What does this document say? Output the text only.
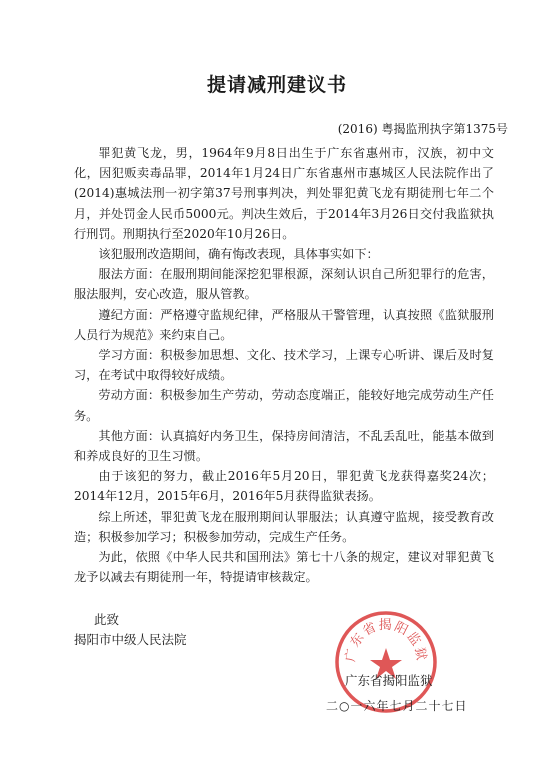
提请减刑建议书
(2016) 粤揭监刑执字第1375号

罪犯黄飞龙，男，1964年9月8日出生于广东省惠州市，汉族，初中文化，因犯贩卖毒品罪，2014年1月24日广东省惠州市惠城区人民法院作出了(2014)惠城法刑一初字第37号刑事判决，判处罪犯黄飞龙有期徒刑七年二个月，并处罚金人民币5000元。判决生效后，于2014年3月26日交付我监狱执行刑罚。刑期执行至2020年10月26日。

该犯服刑改造期间，确有悔改表现，具体事实如下：

服法方面：在服刑期间能深挖犯罪根源，深刻认识自己所犯罪行的危害，服法服判，安心改造，服从管教。

遵纪方面：严格遵守监规纪律，严格服从干警管理，认真按照《监狱服刑人员行为规范》来约束自己。

学习方面：积极参加思想、文化、技术学习，上课专心听讲、课后及时复习，在考试中取得较好成绩。

劳动方面：积极参加生产劳动，劳动态度端正，能较好地完成劳动生产任务。

其他方面：认真搞好内务卫生，保持房间清洁，不乱丢乱吐，能基本做到和养成良好的卫生习惯。

由于该犯的努力，截止2016年5月20日，罪犯黄飞龙获得嘉奖24次；2014年12月，2015年6月，2016年5月获得监狱表扬。

综上所述，罪犯黄飞龙在服刑期间认罪服法；认真遵守监规，接受教育改造；积极参加学习；积极参加劳动，完成生产任务。

为此，依照《中华人民共和国刑法》第七十八条的规定，建议对罪犯黄飞龙予以减去有期徒刑一年，特提请审核裁定。

此致
揭阳市中级人民法院
广东省揭阳监狱
广东省揭阳监狱
二○一六年七月二十七日
